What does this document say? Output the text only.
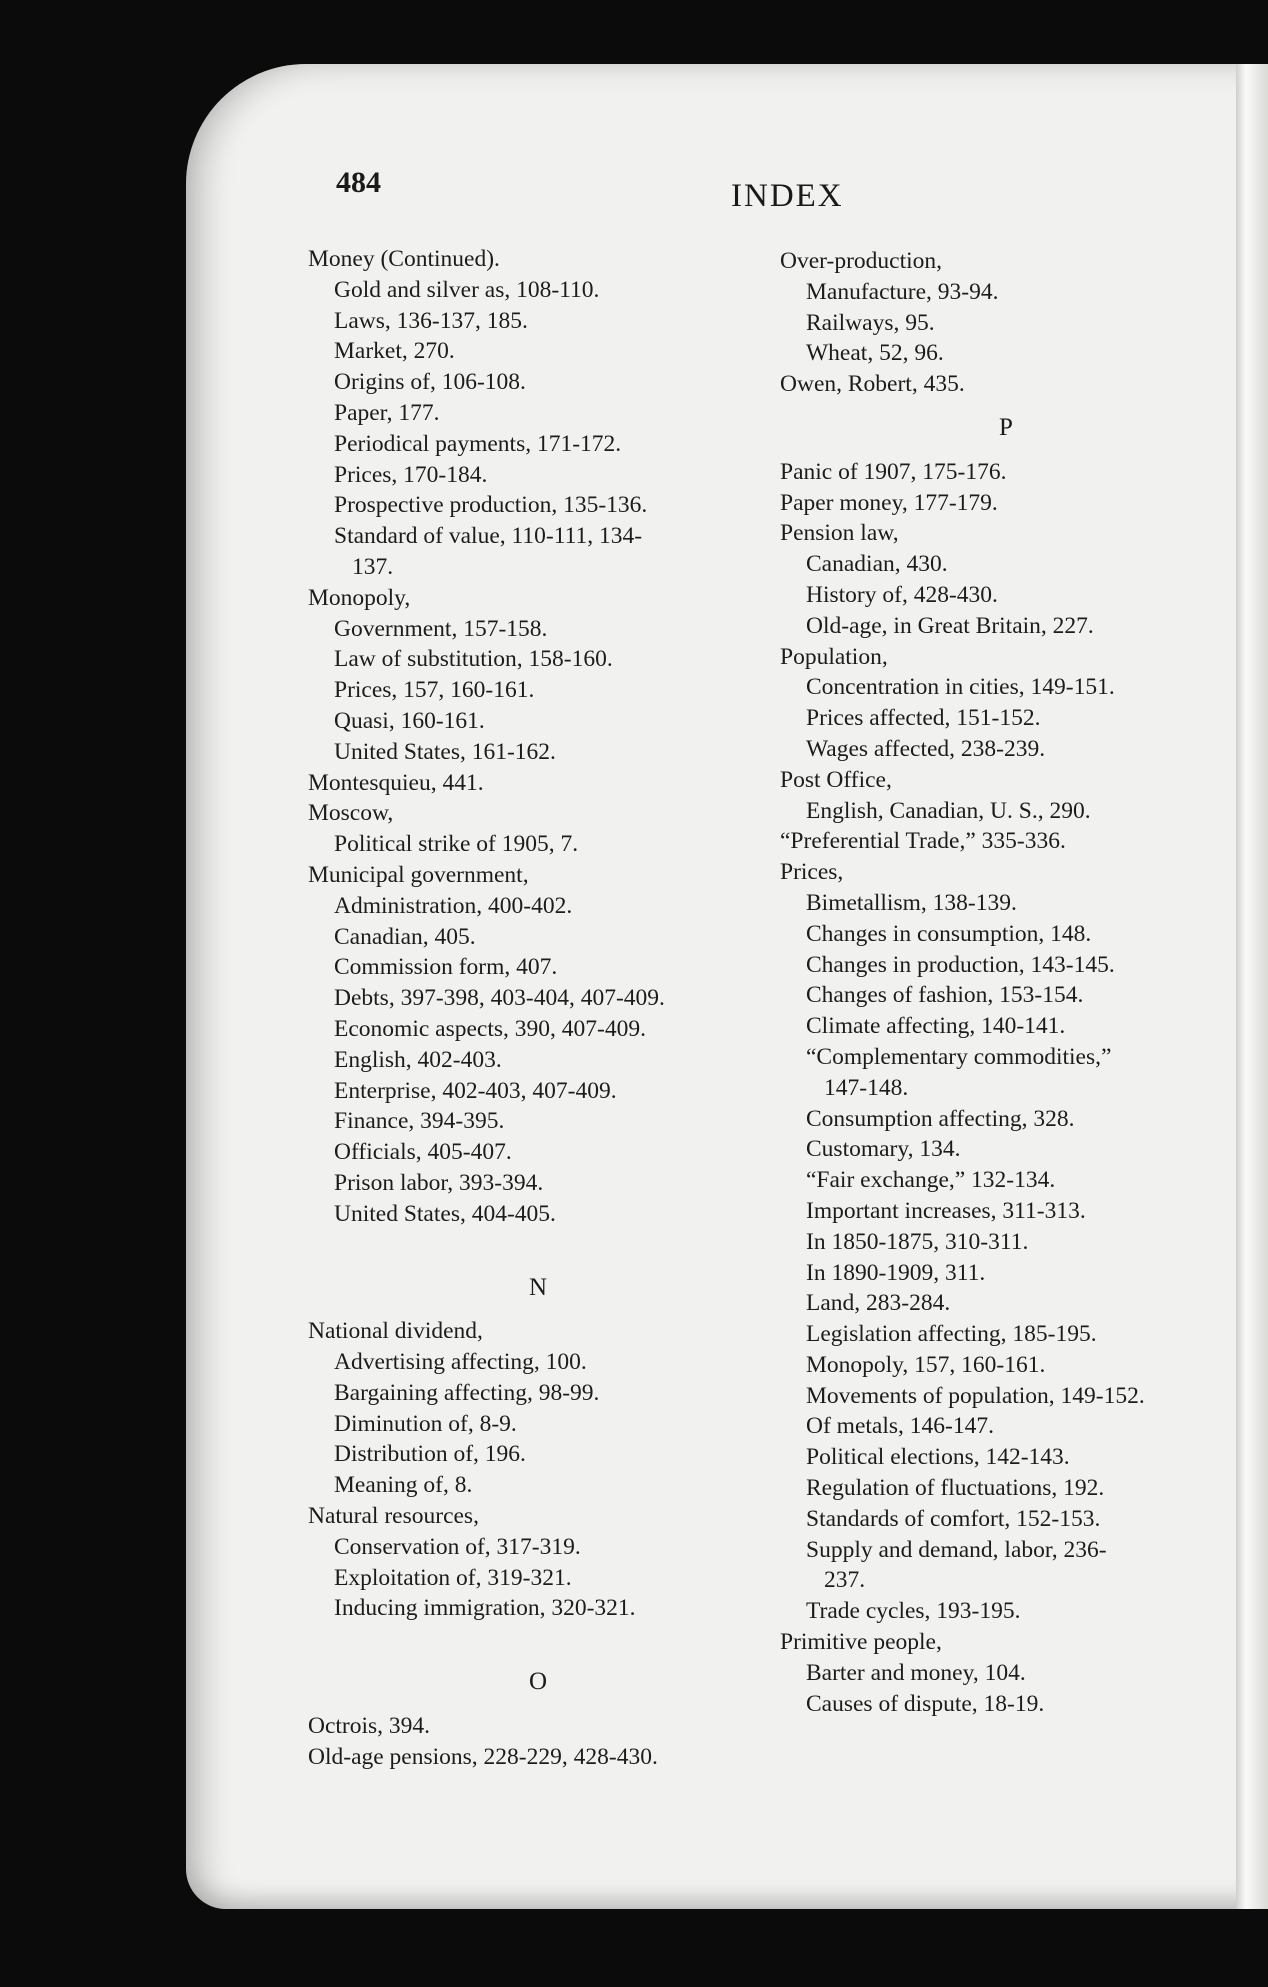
484	INDEX
Money (Continued).
Gold and silver as, 108-110.
Laws, 136-137, 185.
Market, 270.
Origins of, 106-108.
Paper, 177.
Periodical payments, 171-172.
Prices, 170-184.
Prospective production, 135-136.
Standard of value, 110-111, 134-
137.
Monopoly,
Government, 157-158.
Law of substitution, 158-160.
Prices, 157, 160-161.
Quasi, 160-161.
United States, 161-162.
Montesquieu, 441.
Moscow,
Political strike of 1905, 7.
Municipal government,
Administration, 400-402.
Canadian, 405.
Commission form, 407.
Debts, 397-398, 403-404, 407-409.
Economic aspects, 390, 407-409.
English, 402-403.
Enterprise, 402-403, 407-409.
Finance, 394-395.
Officials, 405-407.
Prison labor, 393-394.
United States, 404-405.
N
National dividend,
Advertising affecting, 100.
Bargaining affecting, 98-99.
Diminution of, 8-9.
Distribution of, 196.
Meaning of, 8.
Natural resources,
Conservation of, 317-319.
Exploitation of, 319-321.
Inducing immigration, 320-321.
O
Octrois, 394.
Old-age pensions, 228-229, 428-430.
Over-production,
Manufacture, 93-94.
Railways, 95.
Wheat, 52, 96.
Owen, Robert, 435.
P
Panic of 1907, 175-176.
Paper money, 177-179.
Pension law,
Canadian, 430.
History of, 428-430.
Old-age, in Great Britain, 227.
Population,
Concentration in cities, 149-151.
Prices affected, 151-152.
Wages affected, 238-239.
Post Office,
English, Canadian, U. S., 290.
“Preferential Trade,” 335-336.
Prices,
Bimetallism, 138-139.
Changes in consumption, 148.
Changes in production, 143-145.
Changes of fashion, 153-154.
Climate affecting, 140-141.
“Complementary commodities,”
147-148.
Consumption affecting, 328.
Customary, 134.
“Fair exchange,” 132-134.
Important increases, 311-313.
In 1850-1875, 310-311.
In 1890-1909, 311.
Land, 283-284.
Legislation affecting, 185-195.
Monopoly, 157, 160-161.
Movements of population, 149-152.
Of metals, 146-147.
Political elections, 142-143.
Regulation of fluctuations, 192.
Standards of comfort, 152-153.
Supply and demand, labor, 236-
237.
Trade cycles, 193-195.
Primitive people,
Barter and money, 104.
Causes of dispute, 18-19.
